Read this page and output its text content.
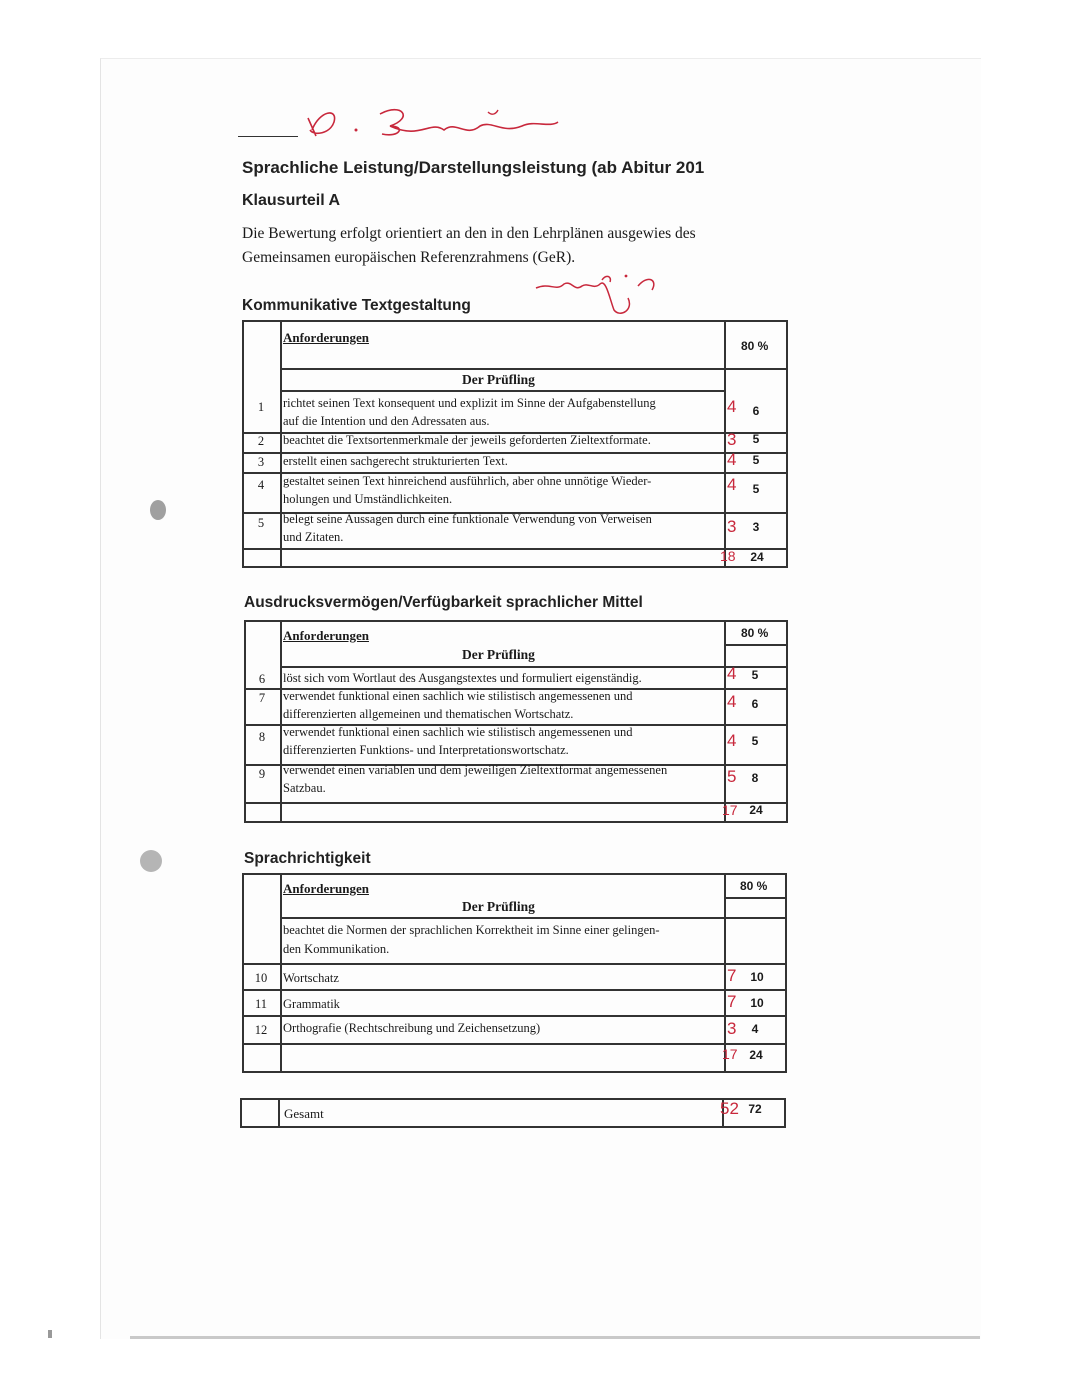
Sprachliche Leistung/Darstellungsleistung (ab Abitur 201
Klausurteil A
Die Bewertung erfolgt orientiert an den in den Lehrplänen ausgewies des
Gemeinsamen europäischen Referenzrahmens (GeR).
Kommunikative Textgestaltung
Anforderungen
80 %
Der Prüfling
1	richtet seinen Text konsequent und explizit im Sinne der Aufgabenstellung
auf die Intention und den Adressaten aus.
4	6
2	beachtet die Textsortenmerkmale der jeweils geforderten Zieltextformate.	3	5
3	erstellt einen sachgerecht strukturierten Text.	4	5
4	gestaltet seinen Text hinreichend ausführlich, aber ohne unnötige Wieder-
holungen und Umständlichkeiten.
4	5
5	belegt seine Aussagen durch eine funktionale Verwendung von Verweisen
und Zitaten.
3	3
18 24
Ausdrucksvermögen/Verfügbarkeit sprachlicher Mittel
Anforderungen	80 %
Der Prüfling
6	löst sich vom Wortlaut des Ausgangstextes und formuliert eigenständig.	4	5
7	verwendet funktional einen sachlich wie stilistisch angemessenen und
differenzierten allgemeinen und thematischen Wortschatz.
4	6
8	verwendet funktional einen sachlich wie stilistisch angemessenen und
differenzierten Funktions- und Interpretationswortschatz.	4	5
9	verwendet einen variablen und dem jeweiligen Zieltextformat angemessenen
Satzbau.
5	8
17 24
Sprachrichtigkeit
Anforderungen	80 %
Der Prüfling
beachtet die Normen der sprachlichen Korrektheit im Sinne einer gelingen-
den Kommunikation.
10	Wortschatz	7	10
11	Grammatik	7	10
12	Orthografie (Rechtschreibung und Zeichensetzung)	3	4
17 24
Gesamt	52 72
